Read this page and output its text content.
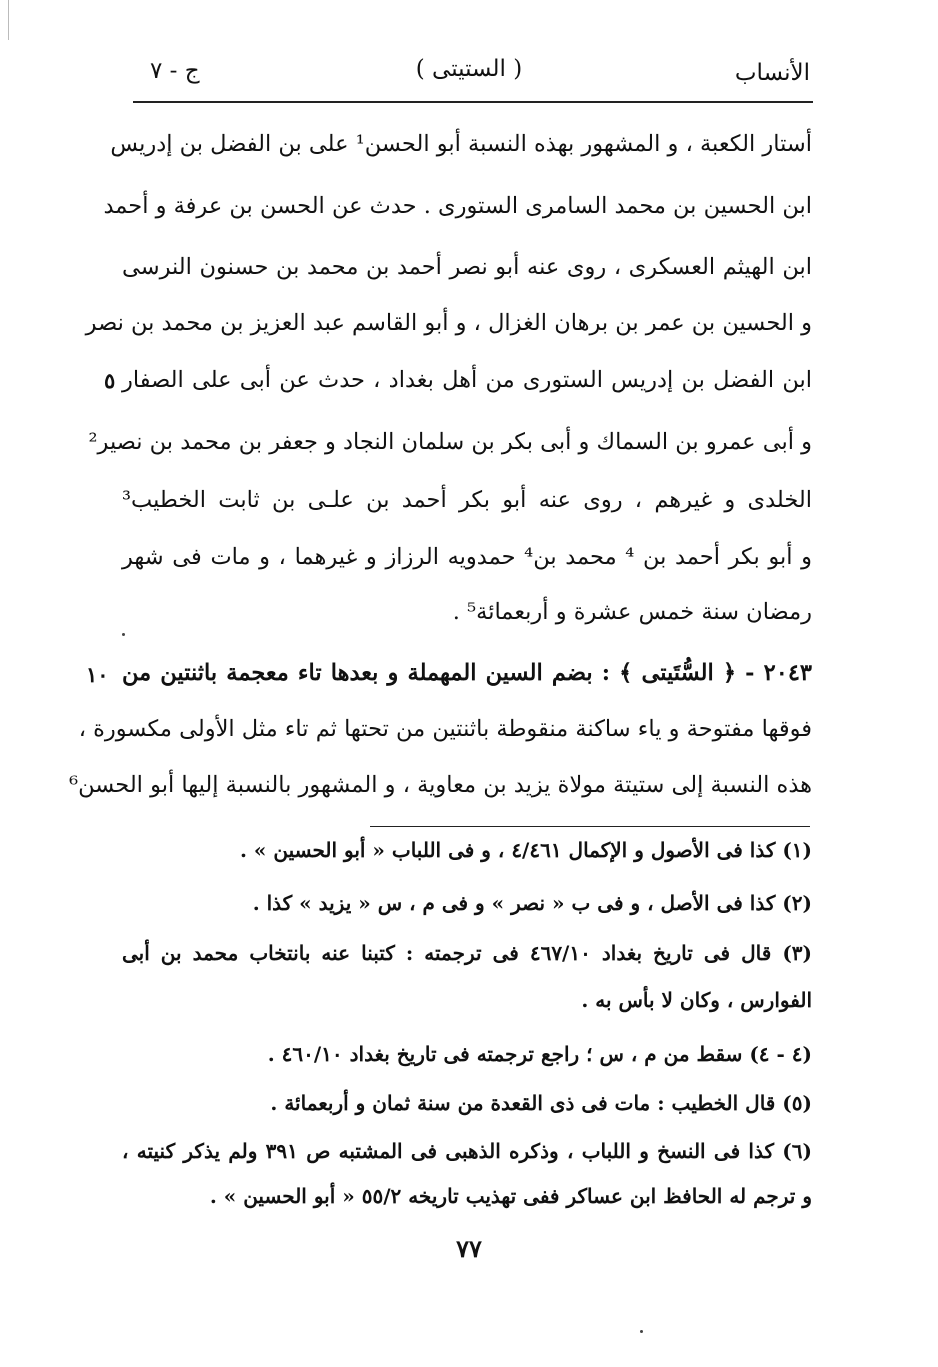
الأنساب
( الستيتى )
ج - ٧
أستار الكعبة ، و المشهور بهذه النسبة أبو الحسن¹ على بن الفضل بن إدريس
ابن الحسين بن محمد السامرى الستورى . حدث عن الحسن بن عرفة و أحمد
ابن الهيثم العسكرى ، روى عنه أبو نصر أحمد بن محمد بن حسنون النرسى
و الحسين بن عمر بن برهان الغزال ، و أبو القاسم عبد العزيز بن محمد بن نصر
ابن الفضل بن إدريس الستورى من أهل بغداد ، حدث عن أبى على الصفار
و أبى عمرو بن السماك و أبى بكر بن سلمان النجاد و جعفر بن محمد بن نصير²
الخلدى و غيرهم ، روى عنه أبو بكر أحمد بن علـى بن ثابت الخطيب³
و أبو بكر أحمد بن ⁴ محمد بن⁴ حمدويه الرزاز و غيرهما ، و مات فى شهر
رمضان سنة خمس عشرة و أربعمائة⁵ .
٢٠٤٣ - ﴿ السُّتَيتى ﴾ : بضم السين المهملة و بعدها تاء معجمة باثنتين من
فوقها مفتوحة و ياء ساكنة منقوطة باثنتين من تحتها ثم تاء مثل الأولى مكسورة ،
هذه النسبة إلى ستيتة مولاة يزيد بن معاوية ، و المشهور بالنسبة إليها أبو الحسن⁶
٥
١٠
(١) كذا فى الأصول و الإكمال ٤/٤٦١ ، و فى اللباب « أبو الحسين » .
(٢) كذا فى الأصل ، و فى ب « نصر » و فى م ، س « يزيد » كذا .
(٣) قال فى تاريخ بغداد ٤٦٧/١٠ فى ترجمته : كتبنا عنه بانتخاب محمد بن أبى
الفوارس ، وكان لا بأس به .
(٤ - ٤) سقط من م ، س ؛ راجع ترجمته فى تاريخ بغداد ٤٦٠/١٠ .
(٥) قال الخطيب : مات فى ذى القعدة من سنة ثمان و أربعمائة .
(٦) كذا فى النسخ و اللباب ، وذكره الذهبى فى المشتبه ص ٣٩١ ولم يذكر كنيته ،
و ترجم له الحافظ ابن عساكر ففى تهذيب تاريخه ٥٥/٢ « أبو الحسين » .
٧٧
